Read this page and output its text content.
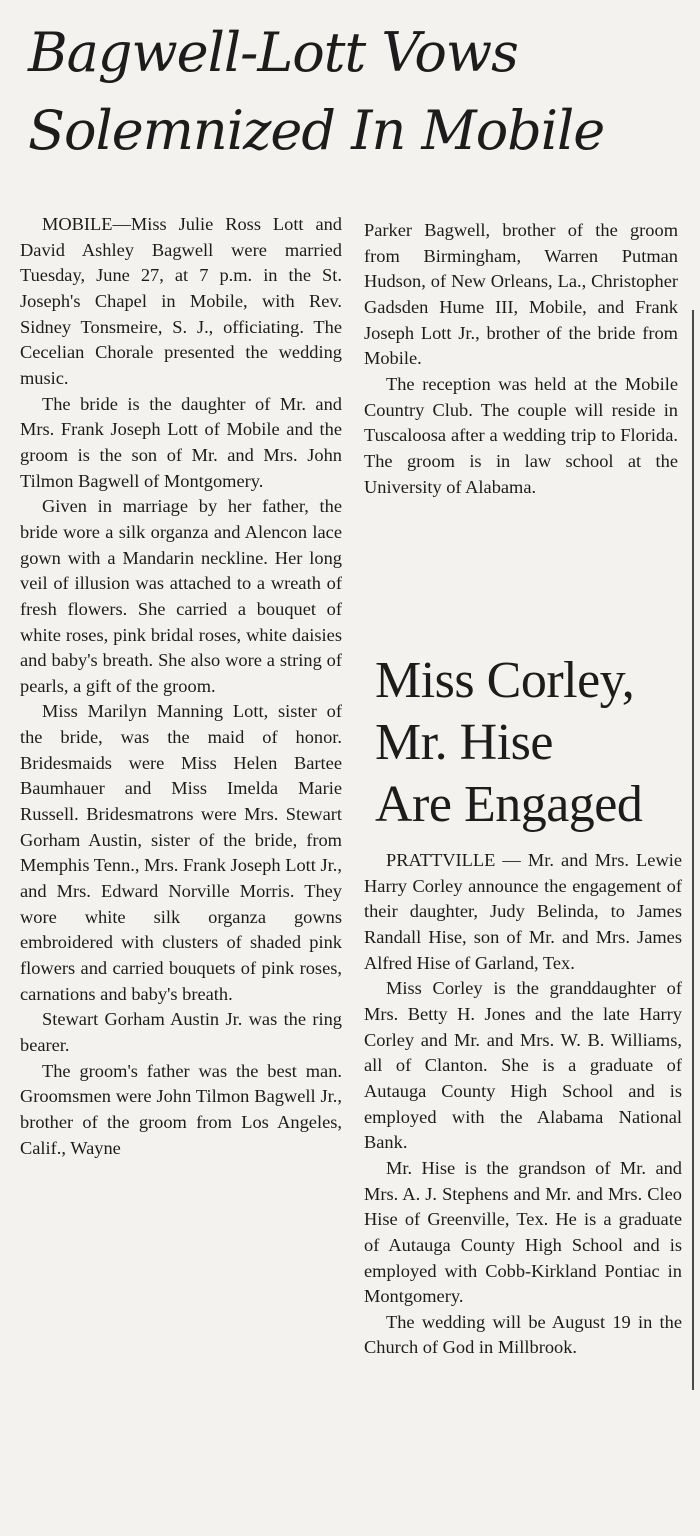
Bagwell-Lott Vows
Solemnized In Mobile

MOBILE—Miss Julie Ross Lott and David Ashley Bagwell were married Tuesday, June 27, at 7 p.m. in the St. Joseph's Chapel in Mobile, with Rev. Sidney Tonsmeire, S. J., officiating. The Cecelian Chorale presented the wedding music.

The bride is the daughter of Mr. and Mrs. Frank Joseph Lott of Mobile and the groom is the son of Mr. and Mrs. John Tilmon Bagwell of Montgomery.

Given in marriage by her father, the bride wore a silk organza and Alencon lace gown with a Mandarin neckline. Her long veil of illusion was attached to a wreath of fresh flowers. She carried a bouquet of white roses, pink bridal roses, white daisies and baby's breath. She also wore a string of pearls, a gift of the groom.

Miss Marilyn Manning Lott, sister of the bride, was the maid of honor. Bridesmaids were Miss Helen Bartee Baumhauer and Miss Imelda Marie Russell. Bridesmatrons were Mrs. Stewart Gorham Austin, sister of the bride, from Memphis Tenn., Mrs. Frank Joseph Lott Jr., and Mrs. Edward Norville Morris. They wore white silk organza gowns embroidered with clusters of shaded pink flowers and carried bouquets of pink roses, carnations and baby's breath.

Stewart Gorham Austin Jr. was the ring bearer.

The groom's father was the best man. Groomsmen were John Tilmon Bagwell Jr., brother of the groom from Los Angeles, Calif., Wayne

Parker Bagwell, brother of the groom from Birmingham, Warren Putman Hudson, of New Orleans, La., Christopher Gadsden Hume III, Mobile, and Frank Joseph Lott Jr., brother of the bride from Mobile.

The reception was held at the Mobile Country Club. The couple will reside in Tuscaloosa after a wedding trip to Florida. The groom is in law school at the University of Alabama.

Miss Corley,
Mr. Hise
Are Engaged

PRATTVILLE — Mr. and Mrs. Lewie Harry Corley announce the engagement of their daughter, Judy Belinda, to James Randall Hise, son of Mr. and Mrs. James Alfred Hise of Garland, Tex.

Miss Corley is the granddaughter of Mrs. Betty H. Jones and the late Harry Corley and Mr. and Mrs. W. B. Williams, all of Clanton. She is a graduate of Autauga County High School and is employed with the Alabama National Bank.

Mr. Hise is the grandson of Mr. and Mrs. A. J. Stephens and Mr. and Mrs. Cleo Hise of Greenville, Tex. He is a graduate of Autauga County High School and is employed with Cobb-Kirkland Pontiac in Montgomery.

The wedding will be August 19 in the Church of God in Millbrook.
